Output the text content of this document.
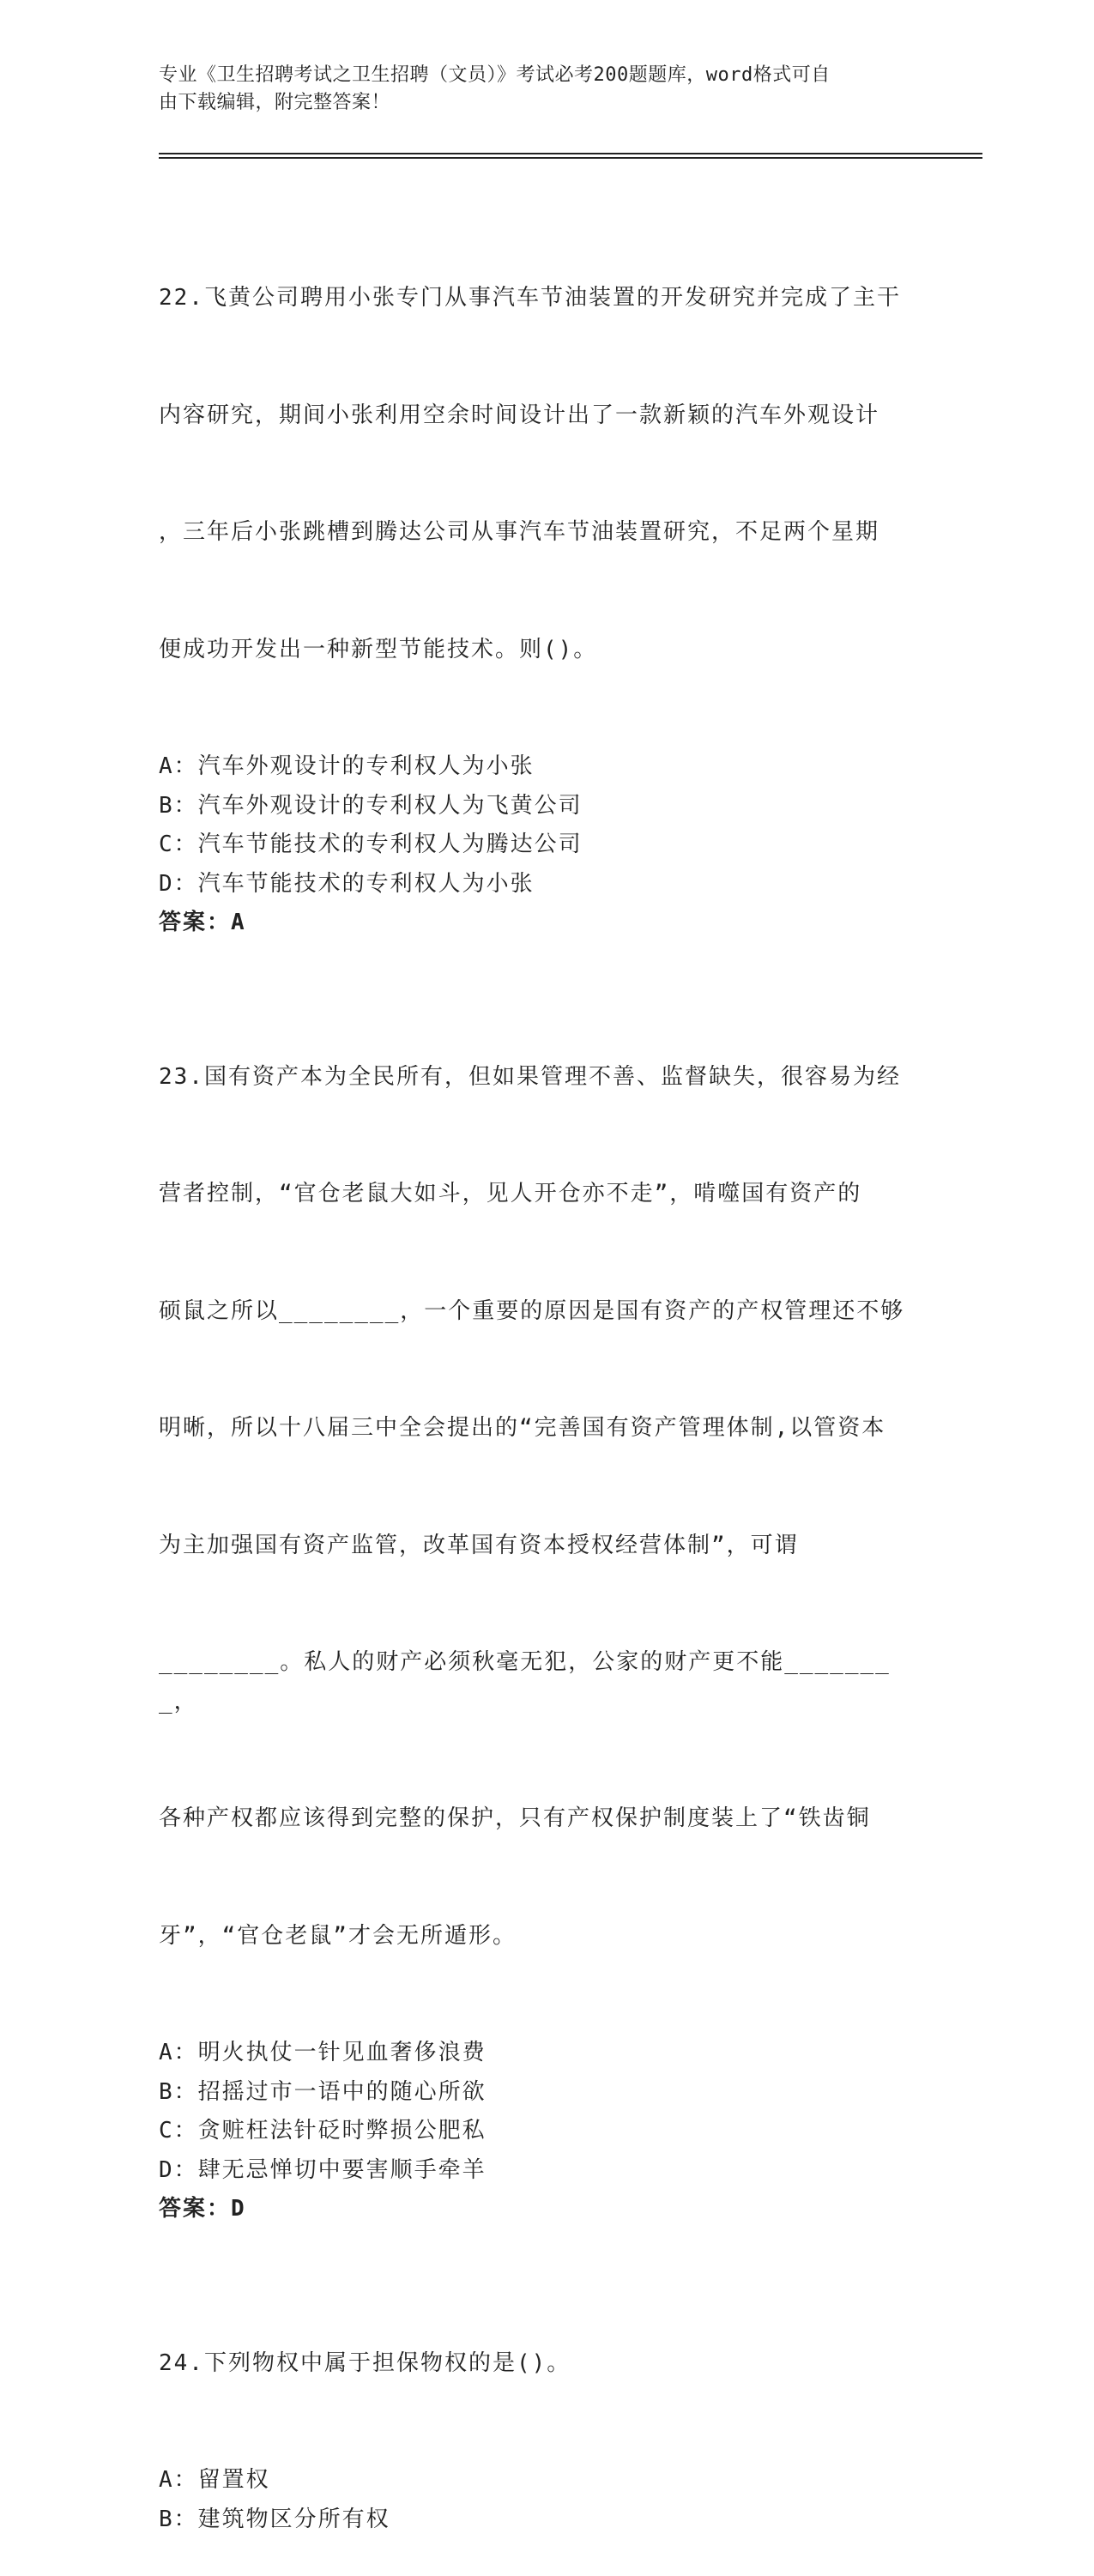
专业《卫生招聘考试之卫生招聘（文员）》考试必考200题题库，word格式可自
由下载编辑，附完整答案！

22.飞黄公司聘用小张专门从事汽车节油装置的开发研究并完成了主干

内容研究，期间小张利用空余时间设计出了一款新颖的汽车外观设计

，三年后小张跳槽到腾达公司从事汽车节油装置研究，不足两个星期

便成功开发出一种新型节能技术。则()。

A：汽车外观设计的专利权人为小张
B：汽车外观设计的专利权人为飞黄公司
C：汽车节能技术的专利权人为腾达公司
D：汽车节能技术的专利权人为小张
答案：A

23.国有资产本为全民所有，但如果管理不善、监督缺失，很容易为经

营者控制，“官仓老鼠大如斗，见人开仓亦不走”，啃噬国有资产的

硕鼠之所以________，一个重要的原因是国有资产的产权管理还不够

明晰，所以十八届三中全会提出的“完善国有资产管理体制,以管资本

为主加强国有资产监管，改革国有资本授权经营体制”，可谓

________。私人的财产必须秋毫无犯，公家的财产更不能________，

各种产权都应该得到完整的保护，只有产权保护制度装上了“铁齿铜

牙”，“官仓老鼠”才会无所遁形。

A：明火执仗一针见血奢侈浪费
B：招摇过市一语中的随心所欲
C：贪赃枉法针砭时弊损公肥私
D：肆无忌惮切中要害顺手牵羊
答案：D

24.下列物权中属于担保物权的是()。

A：留置权
B：建筑物区分所有权
